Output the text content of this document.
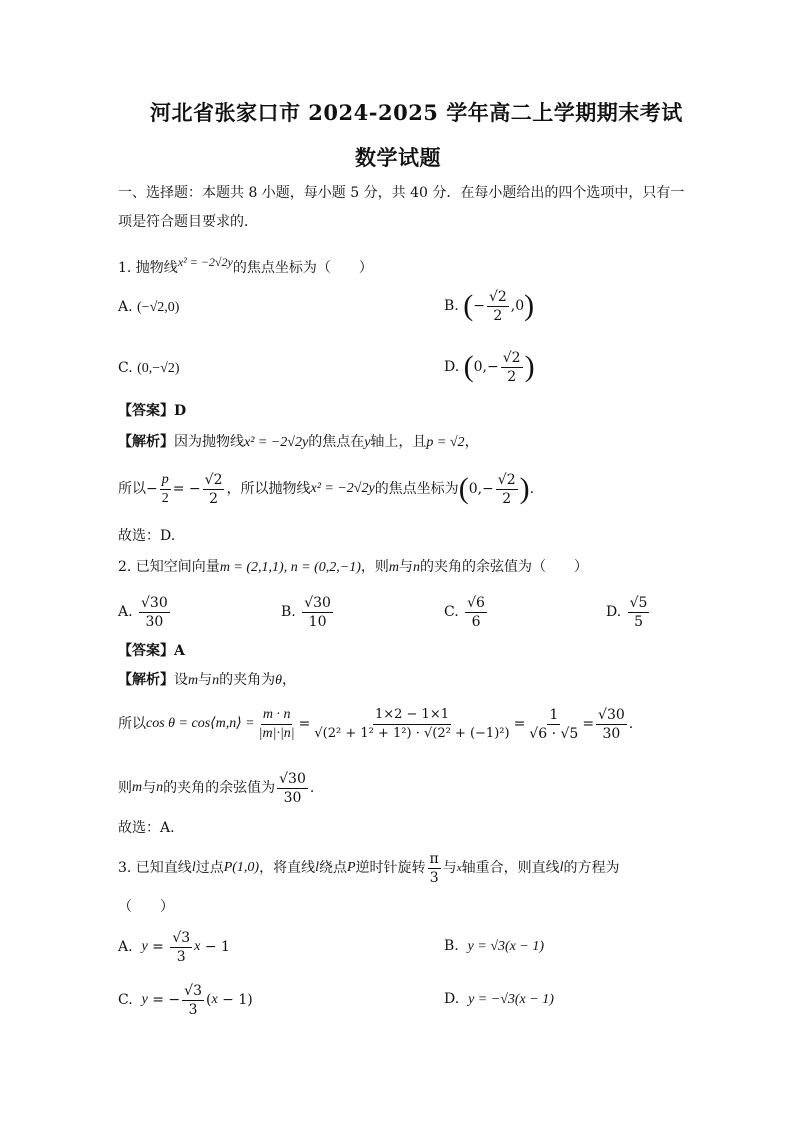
河北省张家口市 2024-2025 学年高二上学期期末考试
数学试题
一、选择题：本题共 8 小题，每小题 5 分，共 40 分．在每小题给出的四个选项中，只有一
项是符合题目要求的．
1. 抛物线x² = −2√2y的焦点坐标为（　　）
A. (−√2,0)	B.
( − $\frac{√2}{2} ,0$ )
C. (0,−√2)	D.
( $0,- \frac{√2}{2}$ )
【答案】D
【解析】因为抛物线x² = −2√2y的焦点在y轴上，且p = √2，
所以 − $\frac{p}{2}$ = − $\frac{√2}{2}$ ，所以抛物线 x² = −2√2y 的焦点坐标为 ( $0,- \frac{√2}{2}$ ) .
故选：D.
2. 已知空间向量m = (2,1,1), n = (0,2,−1)，则m与n的夹角的余弦值为（　　）
A.
$\frac{√30}{30}$	B.
$\frac{√30}{10}$	C.
$\frac{√6}{6}$	D.
$\frac{√5}{5}$
【答案】A
【解析】设m与n的夹角为θ，
所以 cos θ = cos⟨m,n⟩ = $\frac{m \cdot n}{|m|\cdot|n|} = \frac{1\times 2 - 1\times 1}{\text{√(2² + 1² + 1²) · √(2² + (−1)²)}} = \frac{1}{√6 \cdot √5} = \frac{√30}{30}$ .
则 m 与 n 的夹角的余弦值为 $\frac{√30}{30}$ .
故选：A.
3. 已知直线 l 过点 P(1,0) ，将直线 l 绕点 P 逆时针旋转 $\frac{\pi}{3}$ 与 x 轴重合，则直线 l 的方程为
（　　）
A.
$y = \frac{√3}{3}$ x − 1	B. y = √3(x − 1)
C.
y = − $\frac{√3}{3}$ ( x − 1)	D. y = −√3(x − 1)
